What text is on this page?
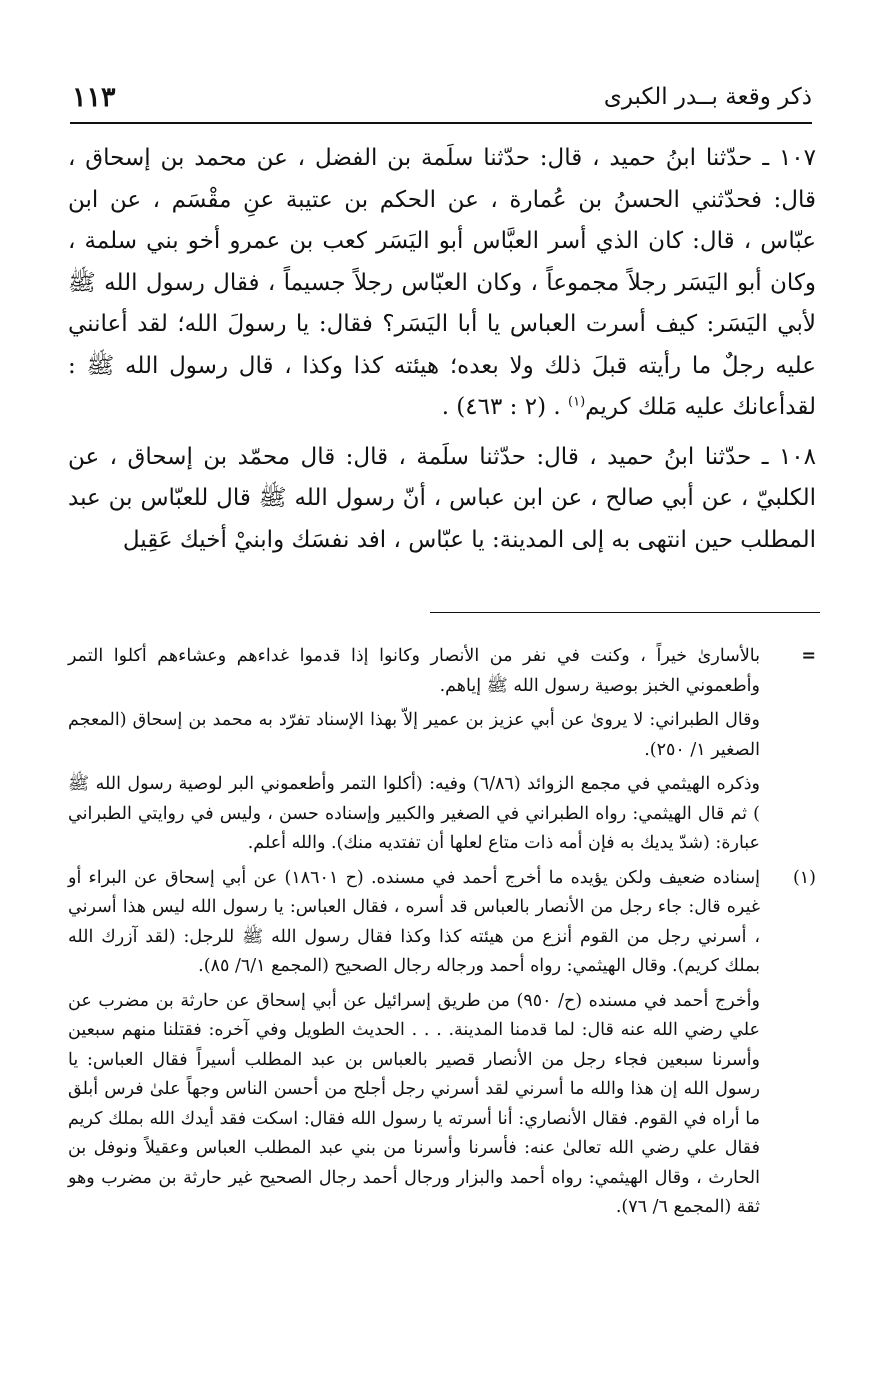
ذكر وقعة بــدر الكبرى
١١٣

١٠٧ ـ حدّثنا ابنُ حميد ، قال: حدّثنا سلَمة بن الفضل ، عن محمد بن إسحاق ، قال: فحدّثني الحسنُ بن عُمارة ، عن الحكم بن عتيبة عنِ مقْسَم ، عن ابن عبّاس ، قال: كان الذي أسر العبَّاس أبو اليَسَر كعب بن عمرو أخو بني سلمة ، وكان أبو اليَسَر رجلاً مجموعاً ، وكان العبّاس رجلاً جسيماً ، فقال رسول الله ﷺ لأبي اليَسَر: كيف أسرت العباس يا أبا اليَسَر؟ فقال: يا رسولَ الله؛ لقد أعانني عليه رجلٌ ما رأيته قبلَ ذلك ولا بعده؛ هيئته كذا وكذا ، قال رسول الله ﷺ : لقدأعانك عليه مَلك كريم$^{(١)}$ . (٢ : ٤٦٣) .

١٠٨ ـ حدّثنا ابنُ حميد ، قال: حدّثنا سلَمة ، قال: قال محمّد بن إسحاق ، عن الكلبيّ ، عن أبي صالح ، عن ابن عباس ، أنّ رسول الله ﷺ قال للعبّاس بن عبد المطلب حين انتهى به إلى المدينة: يا عبّاس ، افد نفسَك وابنيْ أخيك عَقِيل

=
بالأسارىٰ خيراً ، وكنت في نفر من الأنصار وكانوا إذا قدموا غداءهم وعشاءهم أكلوا التمر وأطعموني الخبز بوصية رسول الله ﷺ إياهم.
وقال الطبراني: لا يروىٰ عن أبي عزيز بن عمير إلاّ بهذا الإسناد تفرّد به محمد بن إسحاق (المعجم الصغير ١/ ٢٥٠).
وذكره الهيثمي في مجمع الزوائد (٦/٨٦) وفيه: (أكلوا التمر وأطعموني البر لوصية رسول الله ﷺ ) ثم قال الهيثمي: رواه الطبراني في الصغير والكبير وإسناده حسن ، وليس في روايتي الطبراني عبارة: (شدّ يديك به فإن أمه ذات متاع لعلها أن تفتديه منك). والله أعلم.
(١)
إسناده ضعيف ولكن يؤيده ما أخرج أحمد في مسنده. (ح ١٨٦٠١) عن أبي إسحاق عن البراء أو غيره قال: جاء رجل من الأنصار بالعباس قد أسره ، فقال العباس: يا رسول الله ليس هذا أسرني ، أسرني رجل من القوم أنزع من هيئته كذا وكذا فقال رسول الله ﷺ للرجل: (لقد آزرك الله بملك كريم). وقال الهيثمي: رواه أحمد ورجاله رجال الصحيح (المجمع ٦/١/ ٨٥).
وأخرج أحمد في مسنده (ح/ ٩٥٠) من طريق إسرائيل عن أبي إسحاق عن حارثة بن مضرب عن علي رضي الله عنه قال: لما قدمنا المدينة. . . . الحديث الطويل وفي آخره: فقتلنا منهم سبعين وأسرنا سبعين فجاء رجل من الأنصار قصير بالعباس بن عبد المطلب أسيراً فقال العباس: يا رسول الله إن هذا والله ما أسرني لقد أسرني رجل أجلح من أحسن الناس وجهاً علىٰ فرس أبلق ما أراه في القوم. فقال الأنصاري: أنا أسرته يا رسول الله فقال: اسكت فقد أيدك الله بملك كريم فقال علي رضي الله تعالىٰ عنه: فأسرنا وأسرنا من بني عبد المطلب العباس وعقيلاً ونوفل بن الحارث ، وقال الهيثمي: رواه أحمد والبزار ورجال أحمد رجال الصحيح غير حارثة بن مضرب وهو ثقة (المجمع ٦/ ٧٦).
